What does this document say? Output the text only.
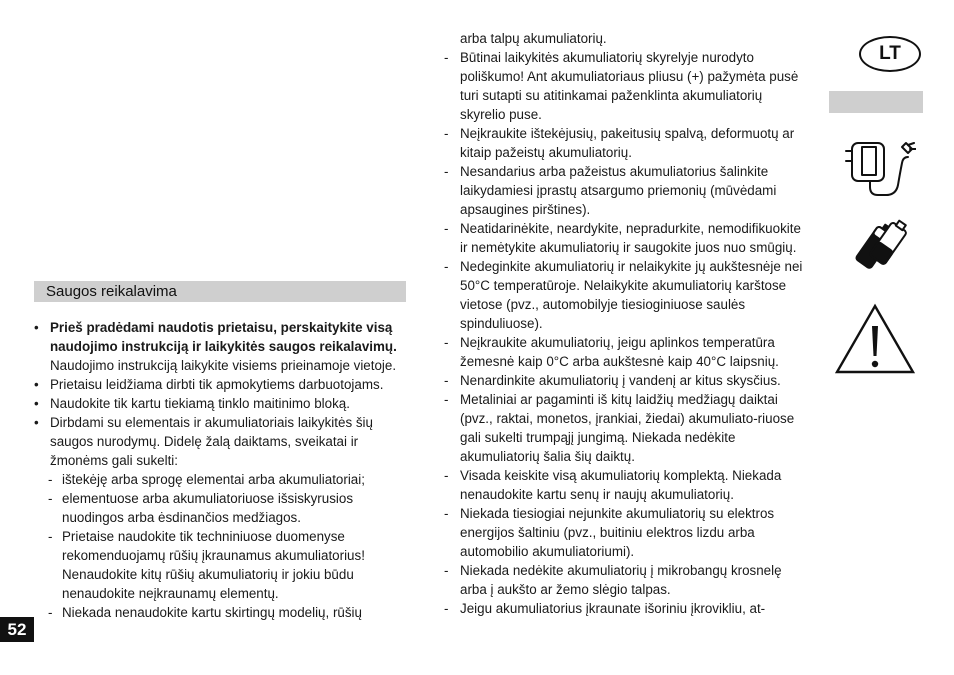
Saugos reikalavima
• Prieš pradėdami naudotis prietaisu, perskaitykite visą naudojimo instrukciją ir laikykitės saugos reikalavimų. Naudojimo instrukciją laikykite visiems prieinamoje vietoje.
• Prietaisu leidžiama dirbti tik apmokytiems darbuotojams.
• Naudokite tik kartu tiekiamą tinklo maitinimo bloką.
• Dirbdami su elementais ir akumuliatoriais laikykitės šių saugos nurodymų. Didelę žalą daiktams, sveikatai ir žmonėms gali sukelti:
- ištekėję arba sprogę elementai arba akumuliatoriai;
- elementuose arba akumuliatoriuose išsiskyrusios nuodingos arba ėsdinančios medžiagos.
- Prietaise naudokite tik techniniuose duomenyse rekomenduojamų rūšių įkraunamus akumuliatorius! Nenaudokite kitų rūšių akumuliatorių ir jokiu būdu nenaudokite neįkraunamų elementų.
- Niekada nenaudokite kartu skirtingų modelių, rūšių
arba talpų akumuliatorių.
- Būtinai laikykitės akumuliatorių skyrelyje nurodyto poliškumo! Ant akumuliatoriaus pliusu (+) pažymėta pusė turi sutapti su atitinkamai paženklinta akumuliatorių skyrelio puse.
- Neįkraukite ištekėjusių, pakeitusių spalvą, deformuotų ar kitaip pažeistų akumuliatorių.
- Nesandarius arba pažeistus akumuliatorius šalinkite laikydamiesi įprastų atsargumo priemonių (mūvėdami apsaugines pirštines).
- Neatidarinėkite, neardykite, nepradurkite, nemodifikuokite ir nemėtykite akumuliatorių ir saugokite juos nuo smūgių.
- Nedeginkite akumuliatorių ir nelaikykite jų aukštesnėje nei 50°C temperatūroje. Nelaikykite akumuliatorių karštose vietose (pvz., automobilyje tiesioginiuose saulės spinduliuose).
- Neįkraukite akumuliatorių, jeigu aplinkos temperatūra žemesnė kaip 0°C arba aukštesnė kaip 40°C laipsnių.
- Nenardinkite akumuliatorių į vandenį ar kitus skysčius.
- Metaliniai ar pagaminti iš kitų laidžių medžiagų daiktai (pvz., raktai, monetos, įrankiai, žiedai) akumuliato-riuose gali sukelti trumpąjį jungimą. Niekada nedėkite akumuliatorių šalia šių daiktų.
- Visada keiskite visą akumuliatorių komplektą. Niekada nenaudokite kartu senų ir naujų akumuliatorių.
- Niekada tiesiogiai nejunkite akumuliatorių su elektros energijos šaltiniu (pvz., buitiniu elektros lizdu arba automobilio akumuliatoriumi).
- Niekada nedėkite akumuliatorių į mikrobangų krosnelę arba į aukšto ar žemo slėgio talpas.
- Jeigu akumuliatorius įkraunate išoriniu įkrovikliu, at-
52
LT
